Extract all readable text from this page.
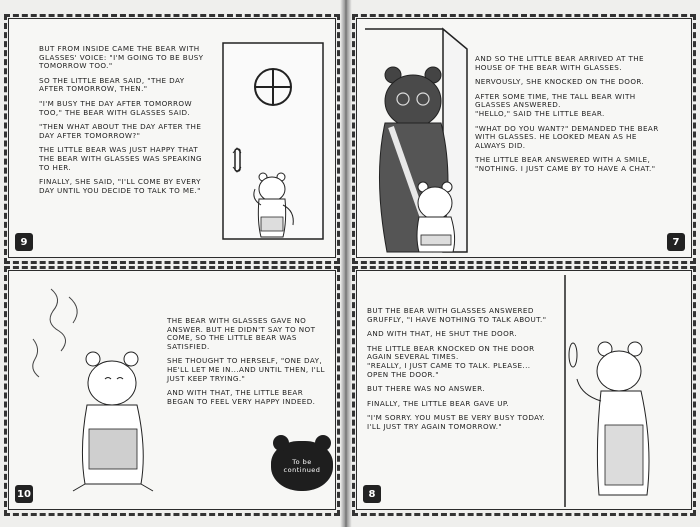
BUT FROM INSIDE CAME THE BEAR WITH GLASSES' VOICE: "I'M GOING TO BE BUSY TOMORROW TOO."

SO THE LITTLE BEAR SAID, "THE DAY AFTER TOMORROW, THEN."

"I'M BUSY THE DAY AFTER TOMORROW TOO," THE BEAR WITH GLASSES SAID.

"THEN WHAT ABOUT THE DAY AFTER THE DAY AFTER TOMORROW?"

THE LITTLE BEAR WAS JUST HAPPY THAT THE BEAR WITH GLASSES WAS SPEAKING TO HER.

FINALLY, SHE SAID, "I'LL COME BY EVERY DAY UNTIL YOU DECIDE TO TALK TO ME."

9

AND SO THE LITTLE BEAR ARRIVED AT THE HOUSE OF THE BEAR WITH GLASSES.

NERVOUSLY, SHE KNOCKED ON THE DOOR.

AFTER SOME TIME, THE TALL BEAR WITH GLASSES ANSWERED.
"HELLO," SAID THE LITTLE BEAR.

"WHAT DO YOU WANT?" DEMANDED THE BEAR WITH GLASSES. HE LOOKED MEAN AS HE ALWAYS DID.

THE LITTLE BEAR ANSWERED WITH A SMILE, "NOTHING. I JUST CAME BY TO HAVE A CHAT."

7

THE BEAR WITH GLASSES GAVE NO ANSWER. BUT HE DIDN'T SAY TO NOT COME, SO THE LITTLE BEAR WAS SATISFIED.

SHE THOUGHT TO HERSELF, "ONE DAY, HE'LL LET ME IN...AND UNTIL THEN, I'LL JUST KEEP TRYING."

AND WITH THAT, THE LITTLE BEAR BEGAN TO FEEL VERY HAPPY INDEED.

To be
continued
10

BUT THE BEAR WITH GLASSES ANSWERED GRUFFLY, "I HAVE NOTHING TO TALK ABOUT."

AND WITH THAT, HE SHUT THE DOOR.

THE LITTLE BEAR KNOCKED ON THE DOOR AGAIN SEVERAL TIMES.
"REALLY, I JUST CAME TO TALK. PLEASE... OPEN THE DOOR."

BUT THERE WAS NO ANSWER.

FINALLY, THE LITTLE BEAR GAVE UP.

"I'M SORRY. YOU MUST BE VERY BUSY TODAY. I'LL JUST TRY AGAIN TOMORROW."

8
